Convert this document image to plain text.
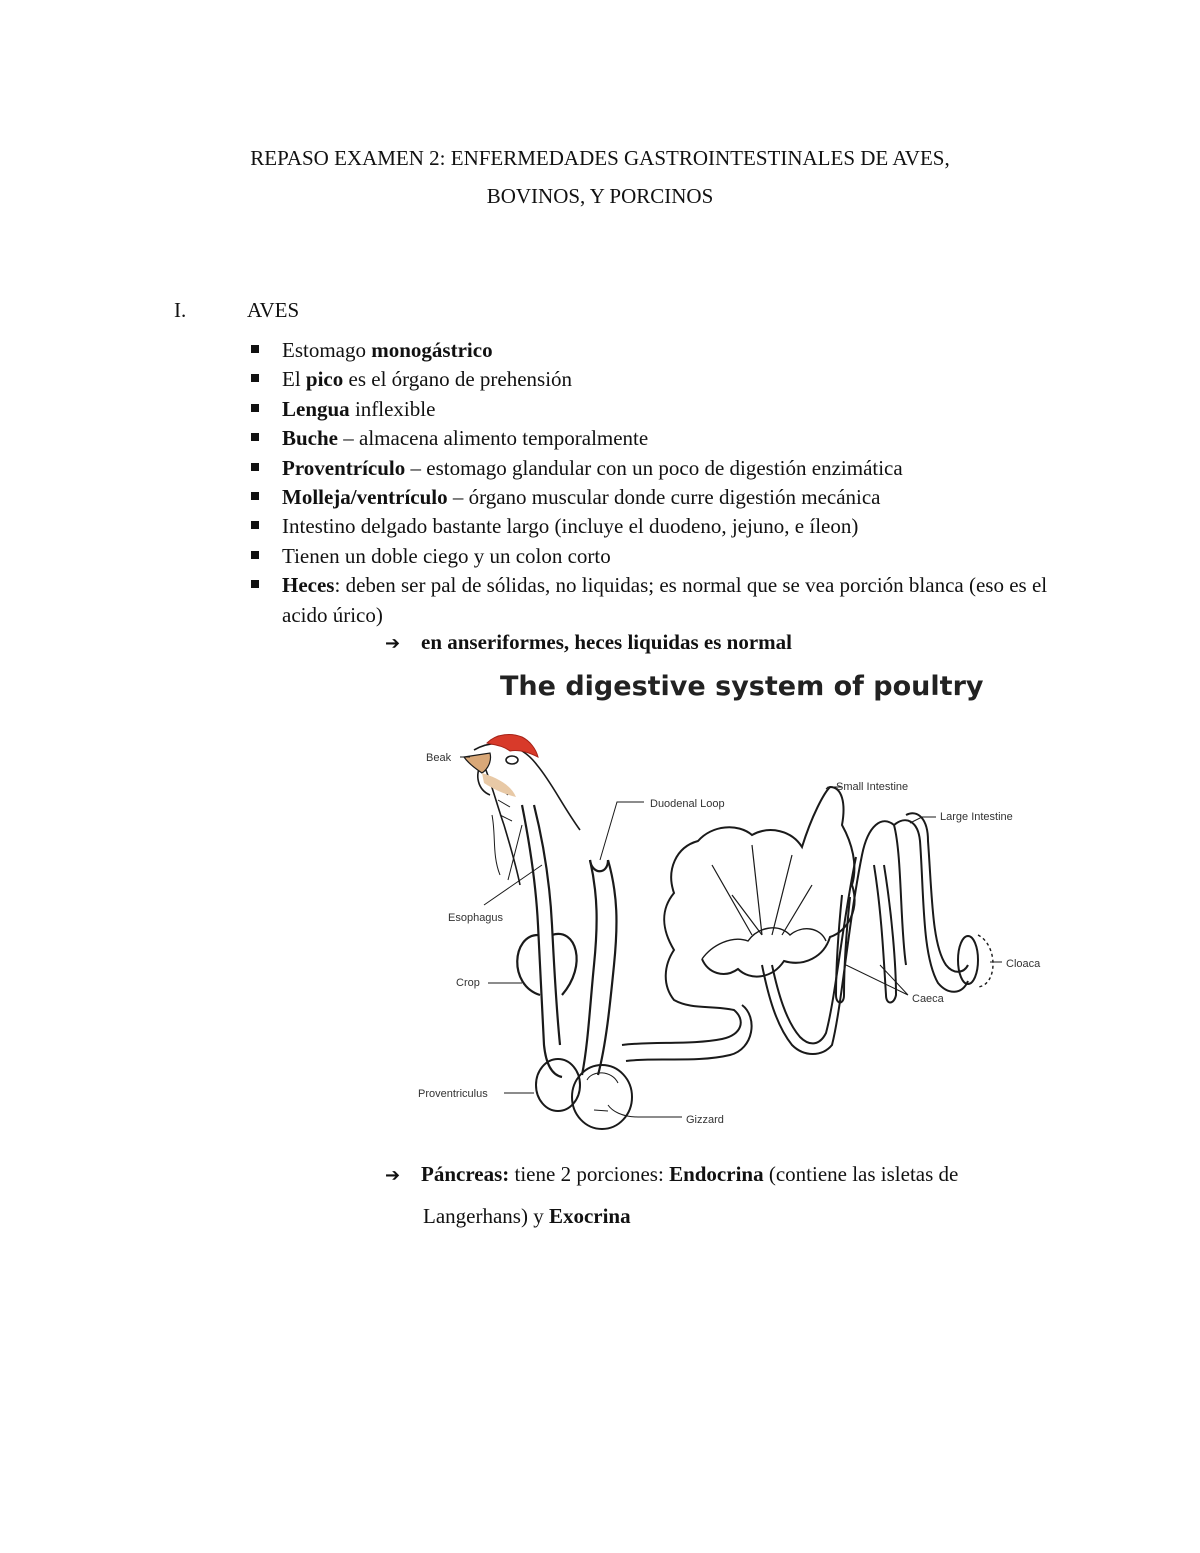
REPASO EXAMEN 2: ENFERMEDADES GASTROINTESTINALES DE AVES,
BOVINOS, Y PORCINOS
I.	AVES
Estomago monogástrico
El pico es el órgano de prehensión
Lengua inflexible
Buche – almacena alimento temporalmente
Proventrículo – estomago glandular con un poco de digestión enzimática
Molleja/ventrículo – órgano muscular donde curre digestión mecánica
Intestino delgado bastante largo (incluye el duodeno, jejuno, e íleon)
Tienen un doble ciego y un colon corto
Heces: deben ser pal de sólidas, no liquidas; es normal que se vea porción blanca (eso es el acido úrico)
➔ en anseriformes, heces liquidas es normal
The digestive system of poultry
Beak
Esophagus
Crop
Proventriculus
Gizzard
Duodenal Loop
Small Intestine
Large Intestine
Caeca
Cloaca
➔ Páncreas: tiene 2 porciones: Endocrina (contiene las isletas de
Langerhans) y Exocrina
